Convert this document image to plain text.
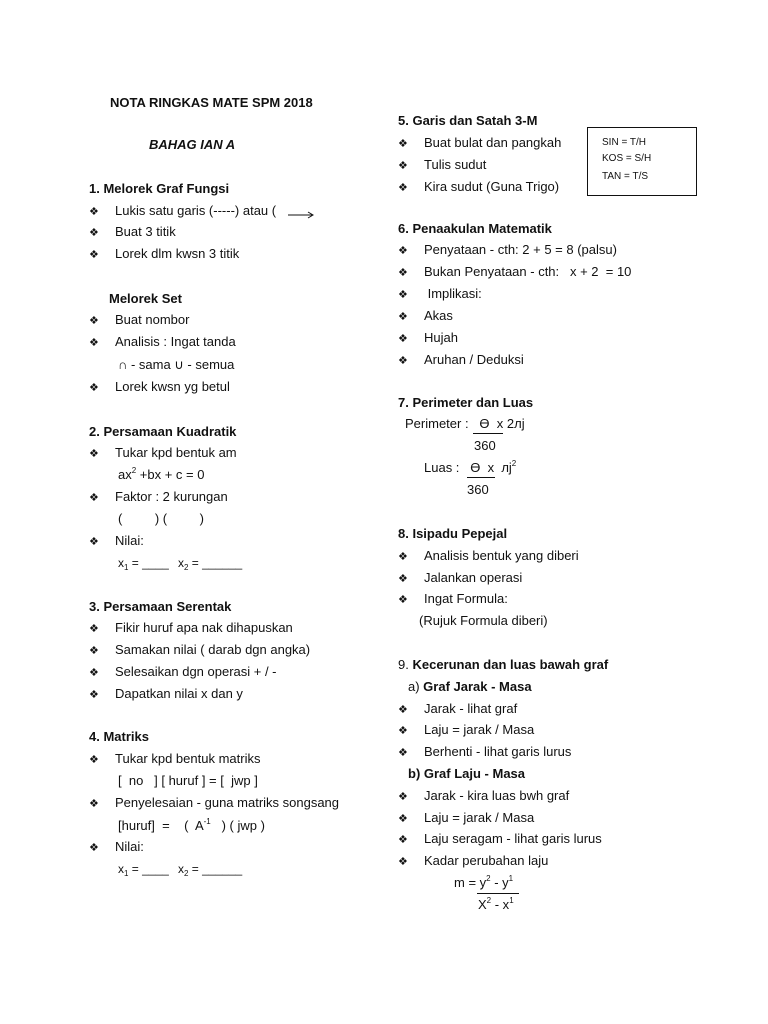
NOTA RINGKAS MATE SPM 2018
BAHAG IAN A
1. Melorek Graf Fungsi
❖ Lukis satu garis (-----) atau (
❖ Buat 3 titik
❖ Lorek dlm kwsn 3 titik
Melorek Set
❖ Buat nombor
❖ Analisis : Ingat tanda
∩ - sama ∪ - semua
❖ Lorek kwsn yg betul
2. Persamaan Kuadratik
❖ Tukar kpd bentuk am
$ax^2 +bx + c = 0$
❖ Faktor : 2 kurungan
(         ) (         )
❖ Nilai:
$x_1$ = ____ $x_2$ = ______
3. Persamaan Serentak
❖ Fikir huruf apa nak dihapuskan
❖ Samakan nilai ( darab dgn angka)
❖ Selesaikan dgn operasi + / -
❖ Dapatkan nilai x dan y
4. Matriks
❖ Tukar kpd bentuk matriks
[  no   ] [ huruf ] = [  jwp ]
❖ Penyelesaian - guna matriks songsang
[huruf]  =    (  $A^{-1}$   ) ( jwp )
❖ Nilai:
$x_1$ = ____ $x_2$ = ______
5. Garis dan Satah 3-M
❖ Buat bulat dan pangkah
❖ Tulis sudut
❖ Kira sudut (Guna Trigo)
SIN = T/H
KOS = S/H
TAN = T/S
6. Penaakulan Matematik
❖ Penyataan - cth: 2 + 5 = 8 (palsu)
❖ Bukan Penyataan - cth:   x + 2  = 10
❖  Implikasi:
❖ Akas
❖ Hujah
❖ Aruhan / Deduksi
7. Perimeter dan Luas
Perimeter :   ϴ  x 2лj
360
Luas :   ϴ  x  $лj^2$
360
8. Isipadu Pepejal
❖ Analisis bentuk yang diberi
❖ Jalankan operasi
❖ Ingat Formula:
(Rujuk Formula diberi)
9. Kecerunan dan luas bawah graf
a) Graf Jarak - Masa
❖ Jarak - lihat graf
❖ Laju = jarak / Masa
❖ Berhenti - lihat garis lurus
b) Graf Laju - Masa
❖ Jarak - kira luas bwh graf
❖ Laju = jarak / Masa
❖ Laju seragam - lihat garis lurus
❖ Kadar perubahan laju
$m = y^2 - y^1$
$X^2 - x^1$
